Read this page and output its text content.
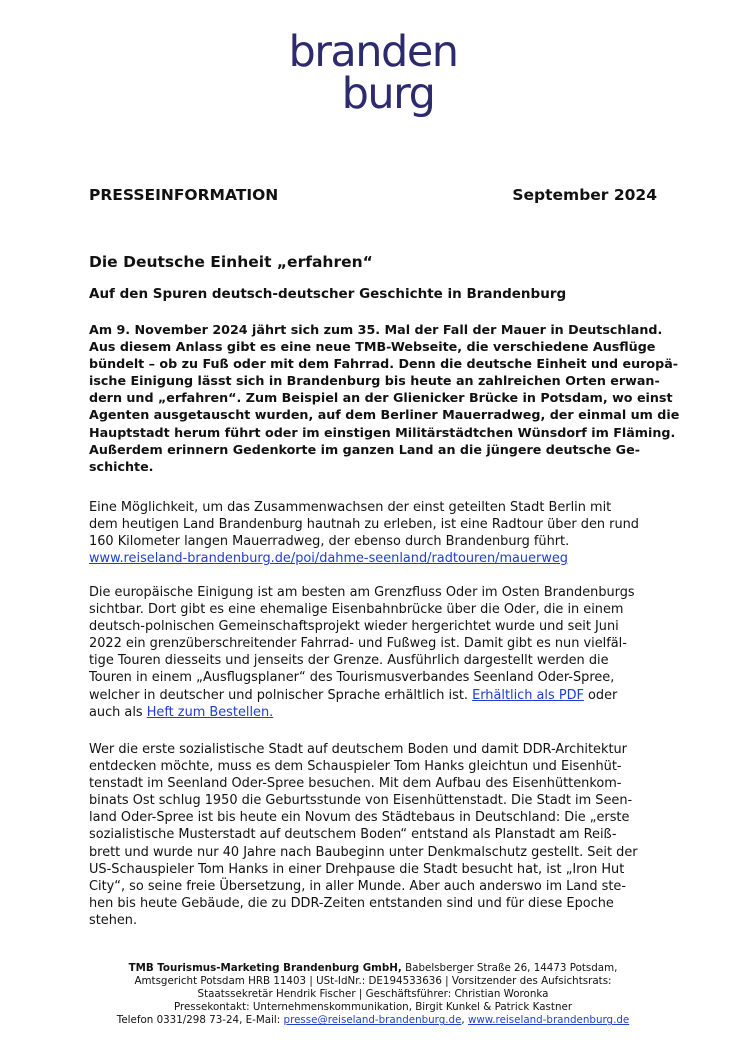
branden
burg
PRESSEINFORMATION	September 2024
Die Deutsche Einheit „erfahren“
Auf den Spuren deutsch-deutscher Geschichte in Brandenburg
Am 9. November 2024 jährt sich zum 35. Mal der Fall der Mauer in Deutschland.
Aus diesem Anlass gibt es eine neue TMB-Webseite, die verschiedene Ausflüge
bündelt – ob zu Fuß oder mit dem Fahrrad. Denn die deutsche Einheit und europä-
ische Einigung lässt sich in Brandenburg bis heute an zahlreichen Orten erwan-
dern und „erfahren“. Zum Beispiel an der Glienicker Brücke in Potsdam, wo einst
Agenten ausgetauscht wurden, auf dem Berliner Mauerradweg, der einmal um die
Hauptstadt herum führt oder im einstigen Militärstädtchen Wünsdorf im Fläming.
Außerdem erinnern Gedenkorte im ganzen Land an die jüngere deutsche Ge-
schichte.
Eine Möglichkeit, um das Zusammenwachsen der einst geteilten Stadt Berlin mit
dem heutigen Land Brandenburg hautnah zu erleben, ist eine Radtour über den rund
160 Kilometer langen Mauerradweg, der ebenso durch Brandenburg führt.
www.reiseland-brandenburg.de/poi/dahme-seenland/radtouren/mauerweg
Die europäische Einigung ist am besten am Grenzfluss Oder im Osten Brandenburgs
sichtbar. Dort gibt es eine ehemalige Eisenbahnbrücke über die Oder, die in einem
deutsch-polnischen Gemeinschaftsprojekt wieder hergerichtet wurde und seit Juni
2022 ein grenzüberschreitender Fahrrad- und Fußweg ist. Damit gibt es nun vielfäl-
tige Touren diesseits und jenseits der Grenze. Ausführlich dargestellt werden die
Touren in einem „Ausflugsplaner“ des Tourismusverbandes Seenland Oder-Spree,
welcher in deutscher und polnischer Sprache erhältlich ist. Erhältlich als PDF oder
auch als Heft zum Bestellen.
Wer die erste sozialistische Stadt auf deutschem Boden und damit DDR-Architektur
entdecken möchte, muss es dem Schauspieler Tom Hanks gleichtun und Eisenhüt-
tenstadt im Seenland Oder-Spree besuchen. Mit dem Aufbau des Eisenhüttenkom-
binats Ost schlug 1950 die Geburtsstunde von Eisenhüttenstadt. Die Stadt im Seen-
land Oder-Spree ist bis heute ein Novum des Städtebaus in Deutschland: Die „erste
sozialistische Musterstadt auf deutschem Boden“ entstand als Planstadt am Reiß-
brett und wurde nur 40 Jahre nach Baubeginn unter Denkmalschutz gestellt. Seit der
US-Schauspieler Tom Hanks in einer Drehpause die Stadt besucht hat, ist „Iron Hut
City“, so seine freie Übersetzung, in aller Munde. Aber auch anderswo im Land ste-
hen bis heute Gebäude, die zu DDR-Zeiten entstanden sind und für diese Epoche
stehen.
TMB Tourismus-Marketing Brandenburg GmbH, Babelsberger Straße 26, 14473 Potsdam,
Amtsgericht Potsdam HRB 11403 | USt-IdNr.: DE194533636 | Vorsitzender des Aufsichtsrats:
Staatssekretär Hendrik Fischer | Geschäftsführer: Christian Woronka
Pressekontakt: Unternehmenskommunikation, Birgit Kunkel & Patrick Kastner
Telefon 0331/298 73-24, E-Mail: presse@reiseland-brandenburg.de, www.reiseland-brandenburg.de
